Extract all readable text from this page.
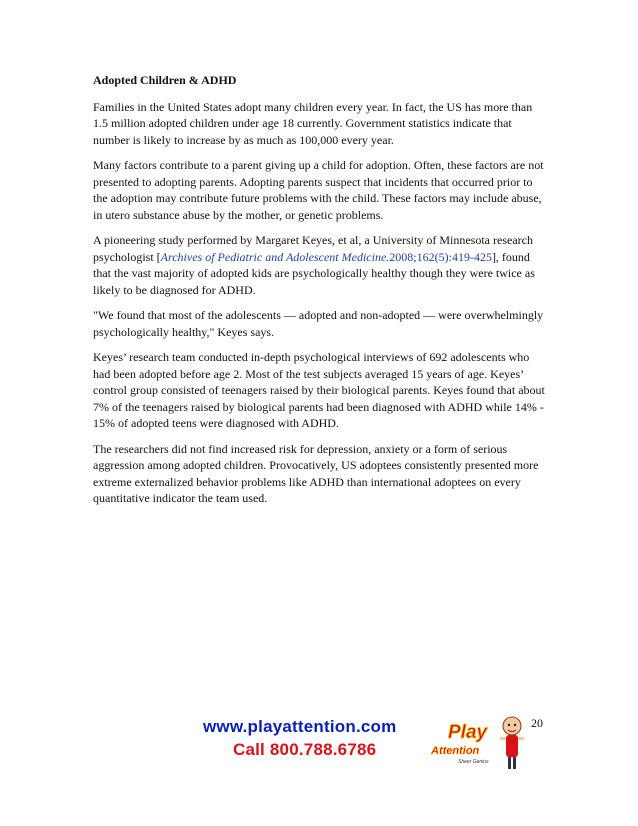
Adopted Children & ADHD

Families in the United States adopt many children every year. In fact, the US has more than 1.5 million adopted children under age 18 currently. Government statistics indicate that number is likely to increase by as much as 100,000 every year.

Many factors contribute to a parent giving up a child for adoption. Often, these factors are not presented to adopting parents. Adopting parents suspect that incidents that occurred prior to the adoption may contribute future problems with the child. These factors may include abuse, in utero substance abuse by the mother, or genetic problems.

A pioneering study performed by Margaret Keyes, et al, a University of Minnesota research psychologist [Archives of Pediatric and Adolescent Medicine.2008;162(5):419-425], found that the vast majority of adopted kids are psychologically healthy though they were twice as likely to be diagnosed for ADHD.

"We found that most of the adolescents — adopted and non-adopted — were overwhelmingly psychologically healthy," Keyes says.

Keyes’ research team conducted in-depth psychological interviews of 692 adolescents who had been adopted before age 2. Most of the test subjects averaged 15 years of age. Keyes’ control group consisted of teenagers raised by their biological parents. Keyes found that about 7% of the teenagers raised by biological parents had been diagnosed with ADHD while 14% - 15% of adopted teens were diagnosed with ADHD.

The researchers did not find increased risk for depression, anxiety or a form of serious aggression among adopted children. Provocatively, US adoptees consistently presented more extreme externalized behavior problems like ADHD than international adoptees on every quantitative indicator the team used.

www.playattention.com
Call 800.788.6786
Play
Attention
Sheer Genius
20
